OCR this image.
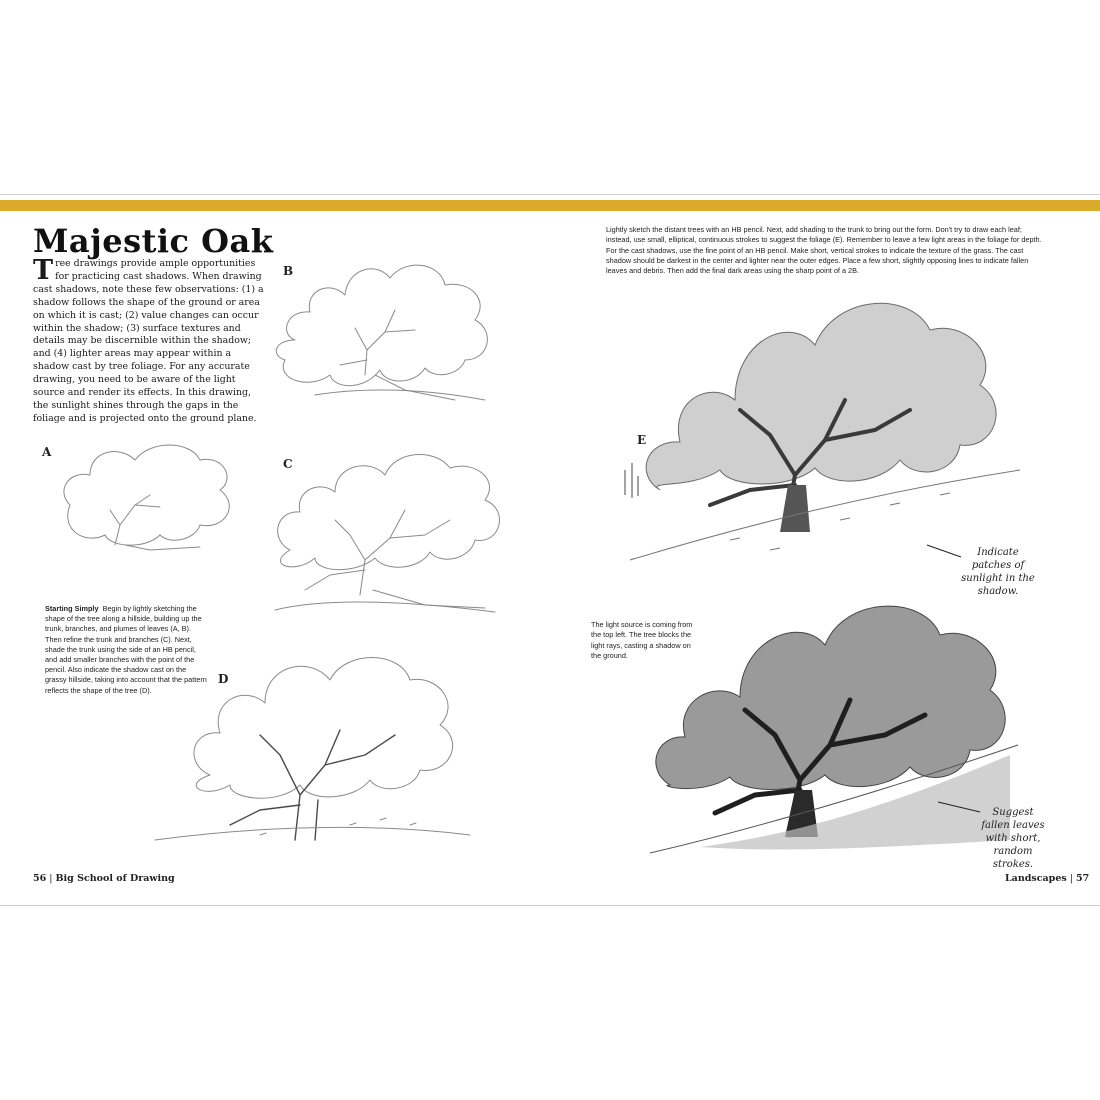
Majestic Oak

Tree drawings provide ample opportunities for practicing cast shadows. When drawing cast shadows, note these few observations: (1) a shadow follows the shape of the ground or area on which it is cast; (2) value changes can occur within the shadow; (3) surface textures and details may be discernible within the shadow; and (4) lighter areas may appear within a shadow cast by tree foliage. For any accurate drawing, you need to be aware of the light source and render its effects. In this drawing, the sunlight shines through the gaps in the foliage and is projected onto the ground plane.

B
A
C
D

Starting Simply Begin by lightly sketching the shape of the tree along a hillside, building up the trunk, branches, and plumes of leaves (A, B). Then refine the trunk and branches (C). Next, shade the trunk using the side of an HB pencil, and add smaller branches with the point of the pencil. Also indicate the shadow cast on the grassy hillside, taking into account that the pattern reflects the shape of the tree (D).

56 | Big School of Drawing

Lightly sketch the distant trees with an HB pencil. Next, add shading to the trunk to bring out the form. Don't try to draw each leaf; instead, use small, elliptical, continuous strokes to suggest the foliage (E). Remember to leave a few light areas in the foliage for depth. For the cast shadows, use the fine point of an HB pencil. Make short, vertical strokes to indicate the texture of the grass. The cast shadow should be darkest in the center and lighter near the outer edges. Place a few short, slightly opposing lines to indicate fallen leaves and debris. Then add the final dark areas using the sharp point of a 2B.

E
Indicate patches of sunlight in the shadow.

The light source is coming from the top left. The tree blocks the light rays, casting a shadow on the ground.

Suggest fallen leaves with short, random strokes.
Landscapes | 57
